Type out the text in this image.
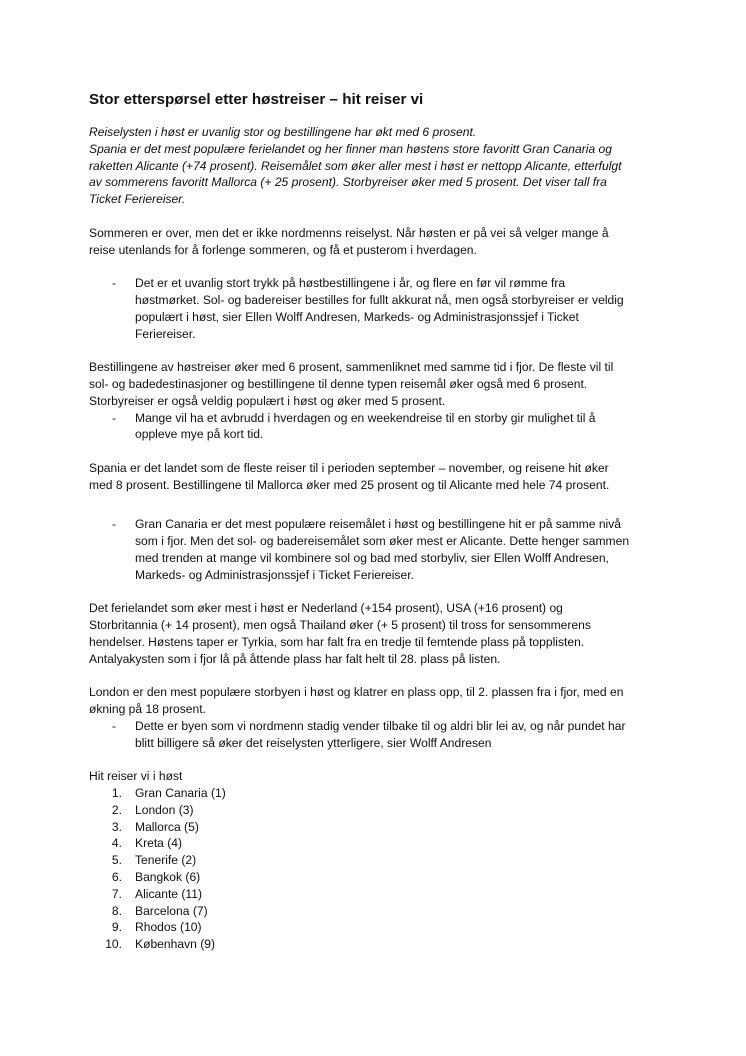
Stor etterspørsel etter høstreiser – hit reiser vi
Reiselysten i høst er uvanlig stor og bestillingene har økt med 6 prosent.
Spania er det mest populære ferielandet og her finner man høstens store favoritt Gran Canaria og
raketten Alicante (+74 prosent). Reisemålet som øker aller mest i høst er nettopp Alicante, etterfulgt
av sommerens favoritt Mallorca (+ 25 prosent). Storbyreiser øker med 5 prosent. Det viser tall fra
Ticket Feriereiser.
Sommeren er over, men det er ikke nordmenns reiselyst. Når høsten er på vei så velger mange å
reise utenlands for å forlenge sommeren, og få et pusterom i hverdagen.
- Det er et uvanlig stort trykk på høstbestillingene i år, og flere en før vil rømme fra
høstmørket. Sol- og badereiser bestilles for fullt akkurat nå, men også storbyreiser er veldig
populært i høst, sier Ellen Wolff Andresen, Markeds- og Administrasjonssjef i Ticket
Feriereiser.
Bestillingene av høstreiser øker med 6 prosent, sammenliknet med samme tid i fjor. De fleste vil til
sol- og badedestinasjoner og bestillingene til denne typen reisemål øker også med 6 prosent.
Storbyreiser er også veldig populært i høst og øker med 5 prosent.
- Mange vil ha et avbrudd i hverdagen og en weekendreise til en storby gir mulighet til å
oppleve mye på kort tid.
Spania er det landet som de fleste reiser til i perioden september – november, og reisene hit øker
med 8 prosent. Bestillingene til Mallorca øker med 25 prosent og til Alicante med hele 74 prosent.
- Gran Canaria er det mest populære reisemålet i høst og bestillingene hit er på samme nivå
som i fjor. Men det sol- og badereisemålet som øker mest er Alicante. Dette henger sammen
med trenden at mange vil kombinere sol og bad med storbyliv, sier Ellen Wolff Andresen,
Markeds- og Administrasjonssjef i Ticket Feriereiser.
Det ferielandet som øker mest i høst er Nederland (+154 prosent), USA (+16 prosent) og
Storbritannia (+ 14 prosent), men også Thailand øker (+ 5 prosent) til tross for sensommerens
hendelser. Høstens taper er Tyrkia, som har falt fra en tredje til femtende plass på topplisten.
Antalyakysten som i fjor lå på åttende plass har falt helt til 28. plass på listen.
London er den mest populære storbyen i høst og klatrer en plass opp, til 2. plassen fra i fjor, med en
økning på 18 prosent.
- Dette er byen som vi nordmenn stadig vender tilbake til og aldri blir lei av, og når pundet har
blitt billigere så øker det reiselysten ytterligere, sier Wolff Andresen
Hit reiser vi i høst
1. Gran Canaria (1)
2. London (3)
3. Mallorca (5)
4. Kreta (4)
5. Tenerife (2)
6. Bangkok (6)
7. Alicante (11)
8. Barcelona (7)
9. Rhodos (10)
10. København (9)
